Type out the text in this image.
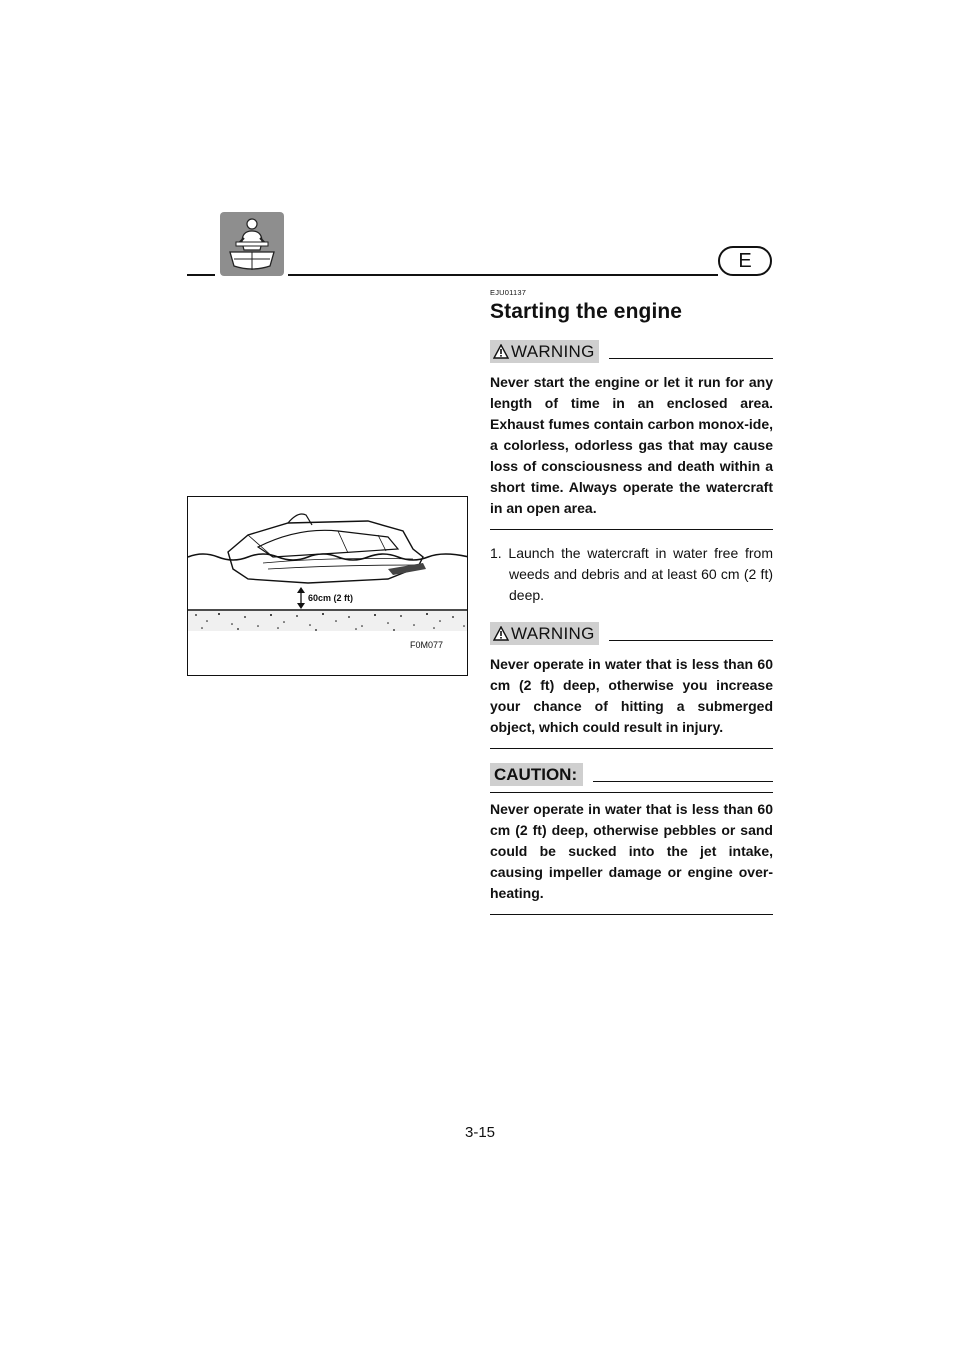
E
60cm (2 ft)
F0M077

EJU01137

Starting the engine
WARNING

Never start the engine or let it run for any length of time in an enclosed area. Exhaust fumes contain carbon monox-ide, a colorless, odorless gas that may cause loss of consciousness and death within a short time. Always operate the watercraft in an open area.

1. Launch the watercraft in water free from weeds and debris and at least 60 cm (2 ft) deep.

WARNING

Never operate in water that is less than 60 cm (2 ft) deep, otherwise you increase your chance of hitting a submerged object, which could result in injury.

CAUTION:

Never operate in water that is less than 60 cm (2 ft) deep, otherwise pebbles or sand could be sucked into the jet intake, causing impeller damage or engine over-heating.

3-15
